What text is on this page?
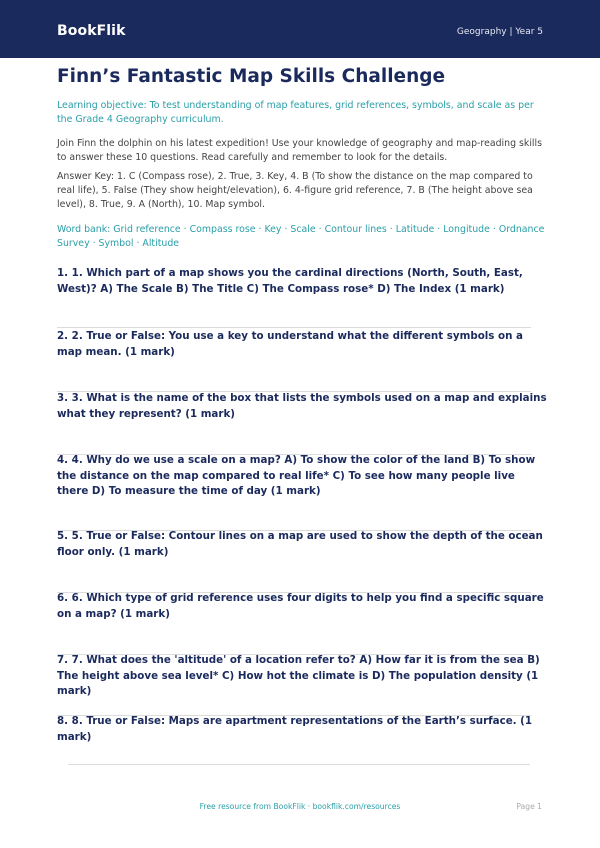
BookFlik	Geography | Year 5
Finn’s Fantastic Map Skills Challenge
Learning objective: To test understanding of map features, grid references, symbols, and scale as per the Grade 4 Geography curriculum.
Join Finn the dolphin on his latest expedition! Use your knowledge of geography and map-reading skills to answer these 10 questions. Read carefully and remember to look for the details.
Answer Key: 1. C (Compass rose), 2. True, 3. Key, 4. B (To show the distance on the map compared to real life), 5. False (They show height/elevation), 6. 4-figure grid reference, 7. B (The height above sea level), 8. True, 9. A (North), 10. Map symbol.
Word bank: Grid reference · Compass rose · Key · Scale · Contour lines · Latitude · Longitude · Ordnance Survey · Symbol · Altitude
1. 1. Which part of a map shows you the cardinal directions (North, South, East, West)? A) The Scale B) The Title C) The Compass rose* D) The Index (1 mark)
2. 2. True or False: You use a key to understand what the different symbols on a map mean. (1 mark)
3. 3. What is the name of the box that lists the symbols used on a map and explains what they represent? (1 mark)
4. 4. Why do we use a scale on a map? A) To show the color of the land B) To show the distance on the map compared to real life* C) To see how many people live there D) To measure the time of day (1 mark)
5. 5. True or False: Contour lines on a map are used to show the depth of the ocean floor only. (1 mark)
6. 6. Which type of grid reference uses four digits to help you find a specific square on a map? (1 mark)
7. 7. What does the 'altitude' of a location refer to? A) How far it is from the sea B) The height above sea level* C) How hot the climate is D) The population density (1 mark)
8. 8. True or False: Maps are apartment representations of the Earth’s surface. (1 mark)
Free resource from BookFlik · bookflik.com/resources	Page 1
